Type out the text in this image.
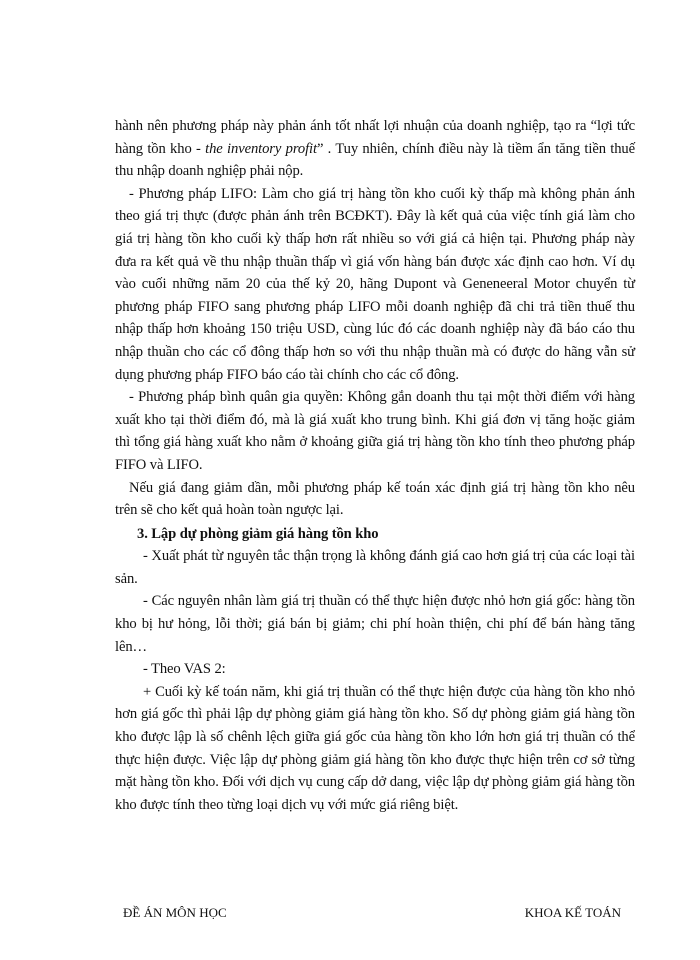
hành nên phương pháp này phản ánh tốt nhất lợi nhuận của doanh nghiệp, tạo ra “lợi tức hàng tồn kho - the inventory profit” . Tuy nhiên, chính điều này là tiềm ẩn tăng tiền thuế thu nhập doanh nghiệp phải nộp.

- Phương pháp LIFO: Làm cho giá trị hàng tồn kho cuối kỳ thấp mà không phản ánh theo giá trị thực (được phản ánh trên BCĐKT). Đây là kết quả của việc tính giá làm cho giá trị hàng tồn kho cuối kỳ thấp hơn rất nhiều so với giá cả hiện tại. Phương pháp này đưa ra kết quả về thu nhập thuần thấp vì giá vốn hàng bán được xác định cao hơn. Ví dụ vào cuối những năm 20 của thế kỷ 20, hãng Dupont và Geneneeral Motor chuyển từ phương pháp FIFO sang phương pháp LIFO mỗi doanh nghiệp đã chi trả tiền thuế thu nhập thấp hơn khoảng 150 triệu USD, cùng lúc đó các doanh nghiệp này đã báo cáo thu nhập thuần cho các cổ đông thấp hơn so với thu nhập thuần mà có được do hãng vẫn sử dụng phương pháp FIFO báo cáo tài chính cho các cổ đông.

- Phương pháp bình quân gia quyền: Không gắn doanh thu tại một thời điểm với hàng xuất kho tại thời điểm đó, mà là giá xuất kho trung bình. Khi giá đơn vị tăng hoặc giảm thì tổng giá hàng xuất kho nằm ở khoảng giữa giá trị hàng tồn kho tính theo phương pháp FIFO và LIFO.

Nếu giá đang giảm dần, mỗi phương pháp kế toán xác định giá trị hàng tồn kho nêu trên sẽ cho kết quả hoàn toàn ngược lại.

3. Lập dự phòng giảm giá hàng tồn kho

- Xuất phát từ nguyên tắc thận trọng là không đánh giá cao hơn giá trị của các loại tài sản.

- Các nguyên nhân làm giá trị thuần có thể thực hiện được nhỏ hơn giá gốc: hàng tồn kho bị hư hỏng, lỗi thời; giá bán bị giảm; chi phí hoàn thiện, chi phí để bán hàng tăng lên…

- Theo VAS 2:

+ Cuối kỳ kế toán năm, khi giá trị thuần có thể thực hiện được của hàng tồn kho nhỏ hơn giá gốc thì phải lập dự phòng giảm giá hàng tồn kho. Số dự phòng giảm giá hàng tồn kho được lập là số chênh lệch giữa giá gốc của hàng tồn kho lớn hơn giá trị thuần có thể thực hiện được. Việc lập dự phòng giảm giá hàng tồn kho được thực hiện trên cơ sở từng mặt hàng tồn kho. Đối với dịch vụ cung cấp dở dang, việc lập dự phòng giảm giá hàng tồn kho được tính theo từng loại dịch vụ với mức giá riêng biệt.

ĐỀ ÁN MÔN HỌC	KHOA KẾ TOÁN
